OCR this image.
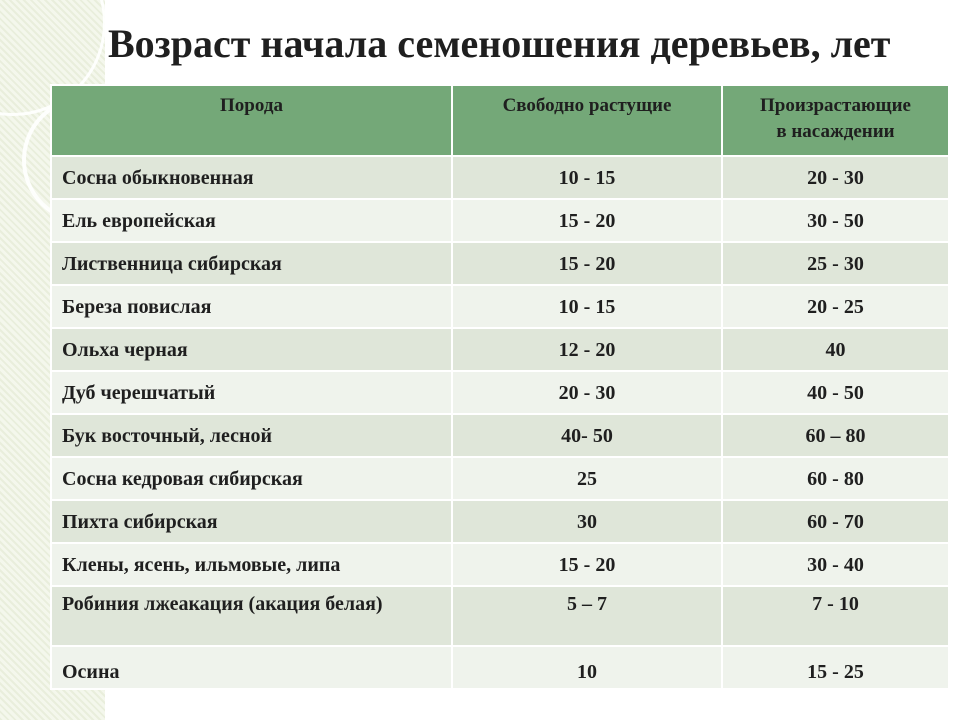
Возраст начала семеношения деревьев, лет
Порода	Свободно растущие	Произрастающие
в насаждении
Сосна обыкновенная	10 - 15	20 - 30
Ель европейская	15 - 20	30 - 50
Лиственница сибирская	15 - 20	25 - 30
Береза повислая	10 - 15	20 - 25
Ольха черная	12 - 20	40
Дуб черешчатый	20 - 30	40 - 50
Бук восточный, лесной	40- 50	60 – 80
Сосна кедровая сибирская	25	60 - 80
Пихта сибирская	30	60 - 70
Клены, ясень, ильмовые, липа	15 - 20	30 - 40
Робиния лжеакация (акация белая)	5 – 7	7 - 10
Осина	10	15 - 25
